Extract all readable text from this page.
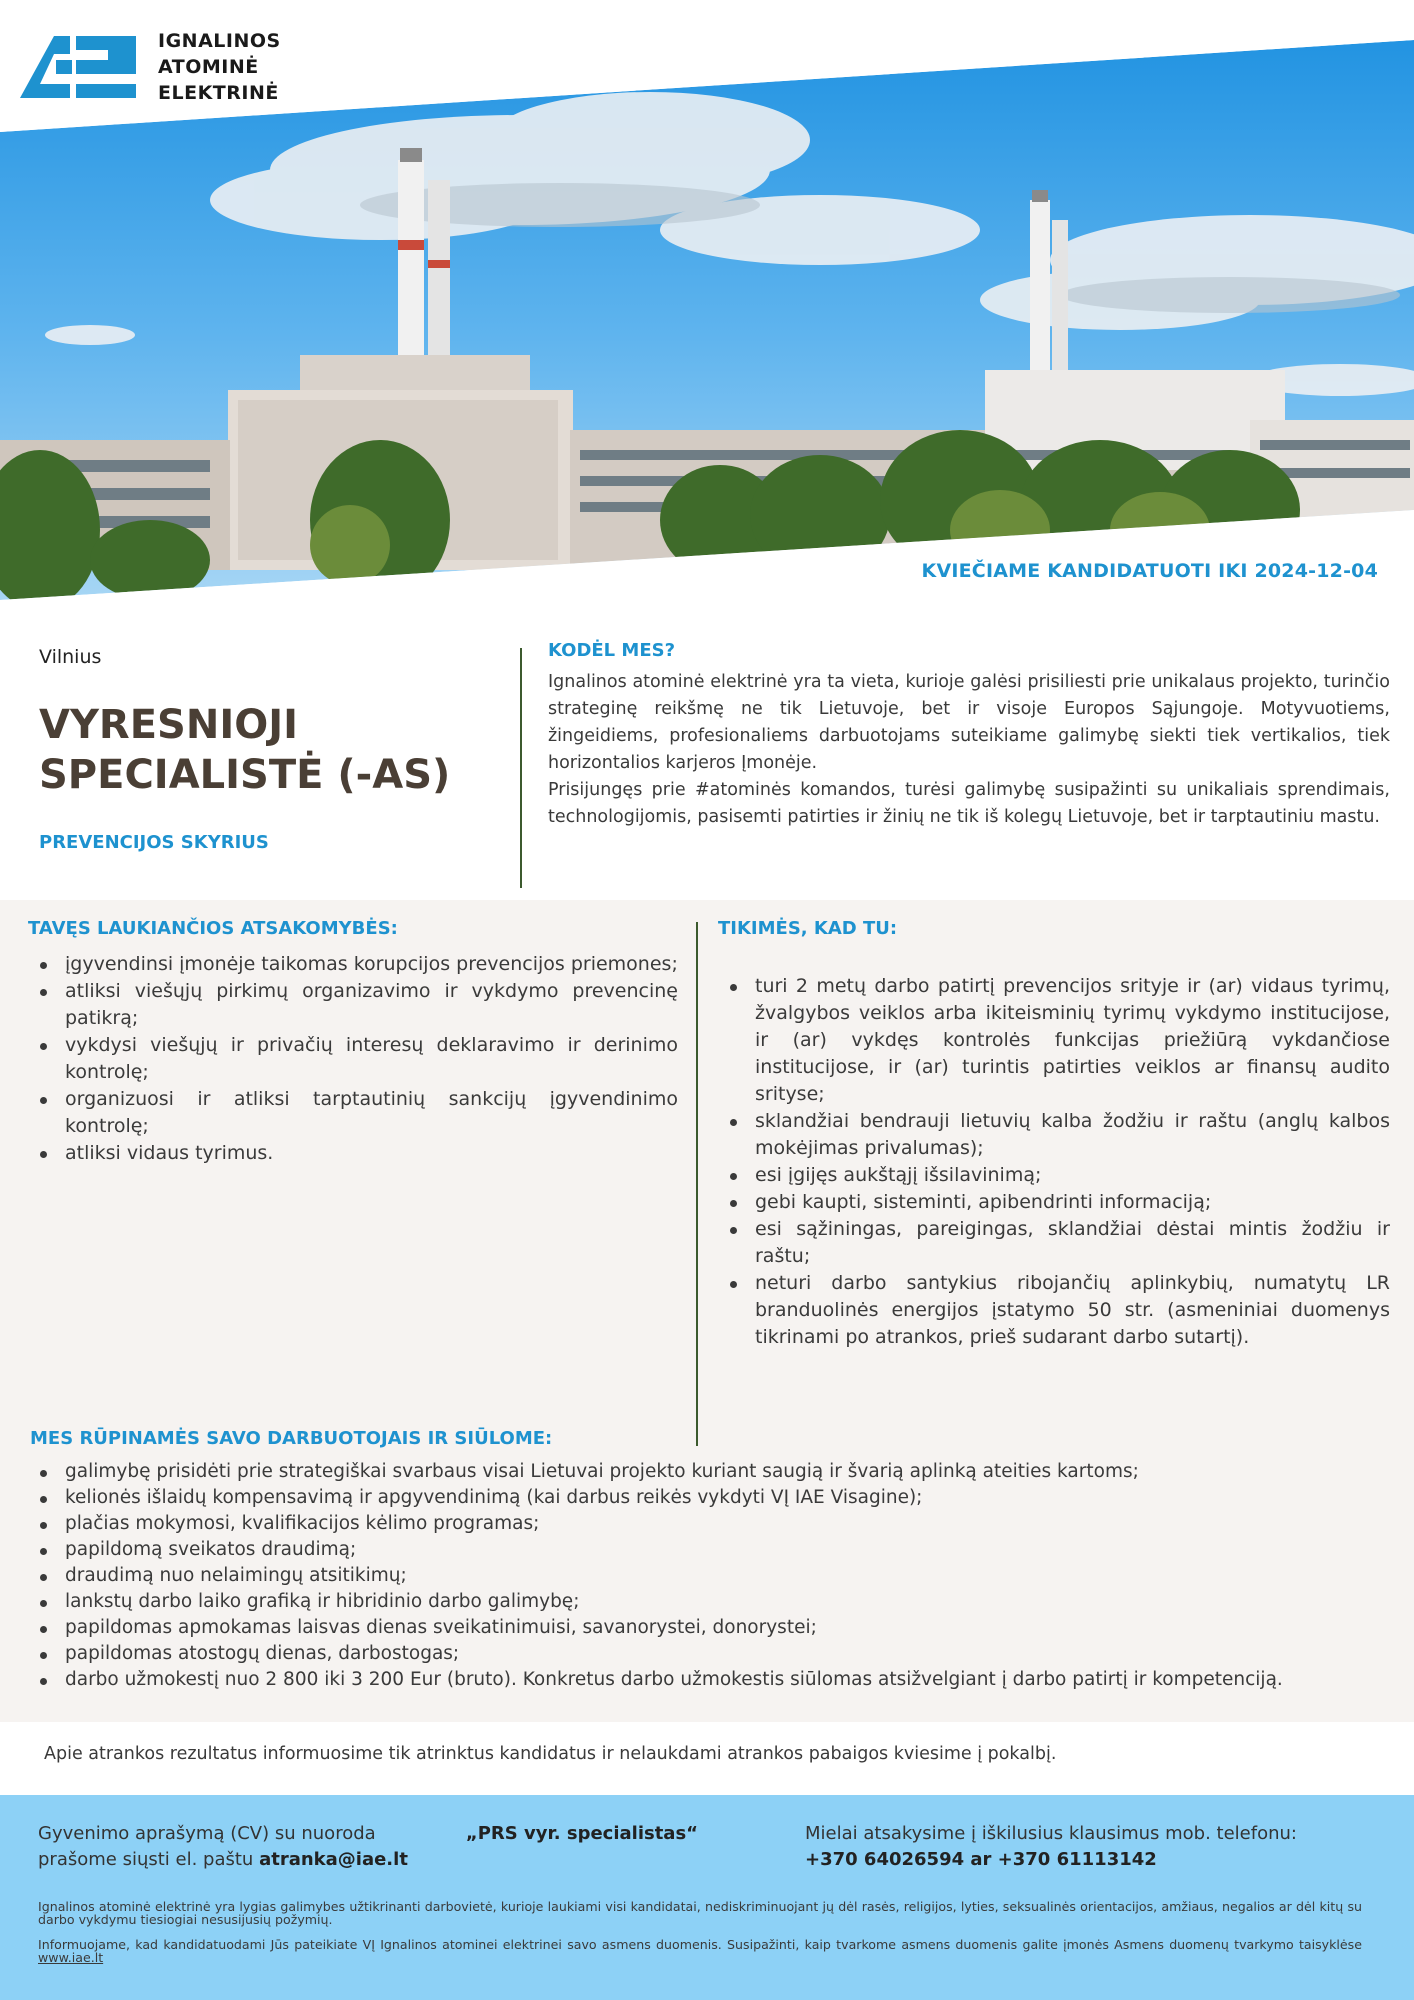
IGNALINOS
ATOMINĖ
ELEKTRINĖ
KVIEČIAME KANDIDATUOTI IKI 2024-12-04
Vilnius
VYRESNIOJI
SPECIALISTĖ (-AS)
PREVENCIJOS SKYRIUS
KODĖL MES?

Ignalinos atominė elektrinė yra ta vieta, kurioje galėsi prisiliesti prie unikalaus projekto, turinčio strateginę reikšmę ne tik Lietuvoje, bet ir visoje Europos Sąjungoje. Motyvuotiems, žingeidiems, profesionaliems darbuotojams suteikiame galimybę siekti tiek vertikalios, tiek horizontalios karjeros Įmonėje.

Prisijungęs prie #atominės komandos, turėsi galimybę susipažinti su unikaliais sprendimais, technologijomis, pasisemti patirties ir žinių ne tik iš kolegų Lietuvoje, bet ir tarptautiniu mastu.

TAVĘS LAUKIANČIOS ATSAKOMYBĖS:
įgyvendinsi įmonėje taikomas korupcijos prevencijos priemones;
atliksi viešųjų pirkimų organizavimo ir vykdymo prevencinę patikrą;
vykdysi viešųjų ir privačių interesų deklaravimo ir derinimo kontrolę;
organizuosi ir atliksi tarptautinių sankcijų įgyvendinimo kontrolę;
atliksi vidaus tyrimus.
TIKIMĖS, KAD TU:
turi 2 metų darbo patirtį prevencijos srityje ir (ar) vidaus tyrimų, žvalgybos veiklos arba ikiteisminių tyrimų vykdymo institucijose, ir (ar) vykdęs kontrolės funkcijas priežiūrą vykdančiose institucijose, ir (ar) turintis patirties veiklos ar finansų audito srityse;
sklandžiai bendrauji lietuvių kalba žodžiu ir raštu (anglų kalbos mokėjimas privalumas);
esi įgijęs aukštąjį išsilavinimą;
gebi kaupti, sisteminti, apibendrinti informaciją;
esi sąžiningas, pareigingas, sklandžiai dėstai mintis žodžiu ir raštu;
neturi darbo santykius ribojančių aplinkybių, numatytų LR branduolinės energijos įstatymo 50 str. (asmeniniai duomenys tikrinami po atrankos, prieš sudarant darbo sutartį).
MES RŪPINAMĖS SAVO DARBUOTOJAIS IR SIŪLOME:
galimybę prisidėti prie strategiškai svarbaus visai Lietuvai projekto kuriant saugią ir švarią aplinką ateities kartoms;
kelionės išlaidų kompensavimą ir apgyvendinimą (kai darbus reikės vykdyti VĮ IAE Visagine);
plačias mokymosi, kvalifikacijos kėlimo programas;
papildomą sveikatos draudimą;
draudimą nuo nelaimingų atsitikimų;
lankstų darbo laiko grafiką ir hibridinio darbo galimybę;
papildomas apmokamas laisvas dienas sveikatinimuisi, savanorystei, donorystei;
papildomas atostogų dienas, darbostogas;
darbo užmokestį nuo 2 800 iki 3 200 Eur (bruto). Konkretus darbo užmokestis siūlomas atsižvelgiant į darbo patirtį ir kompetenciją.
Apie atrankos rezultatus informuosime tik atrinktus kandidatus ir nelaukdami atrankos pabaigos kviesime į pokalbį.
Gyvenimo aprašymą (CV) su nuoroda	„PRS vyr. specialistas“
prašome siųsti el. paštu atranka@iae.lt
Mielai atsakysime į iškilusius klausimus mob. telefonu:
+370 64026594 ar +370 61113142
Ignalinos atominė elektrinė yra lygias galimybes užtikrinanti darbovietė, kurioje laukiami visi kandidatai, nediskriminuojant jų dėl rasės, religijos, lyties, seksualinės orientacijos, amžiaus, negalios ar dėl kitų su darbo vykdymu tiesiogiai nesusijusių požymių.
Informuojame, kad kandidatuodami Jūs pateikiate VĮ Ignalinos atominei elektrinei savo asmens duomenis. Susipažinti, kaip tvarkome asmens duomenis galite įmonės Asmens duomenų tvarkymo taisyklėse www.iae.lt
